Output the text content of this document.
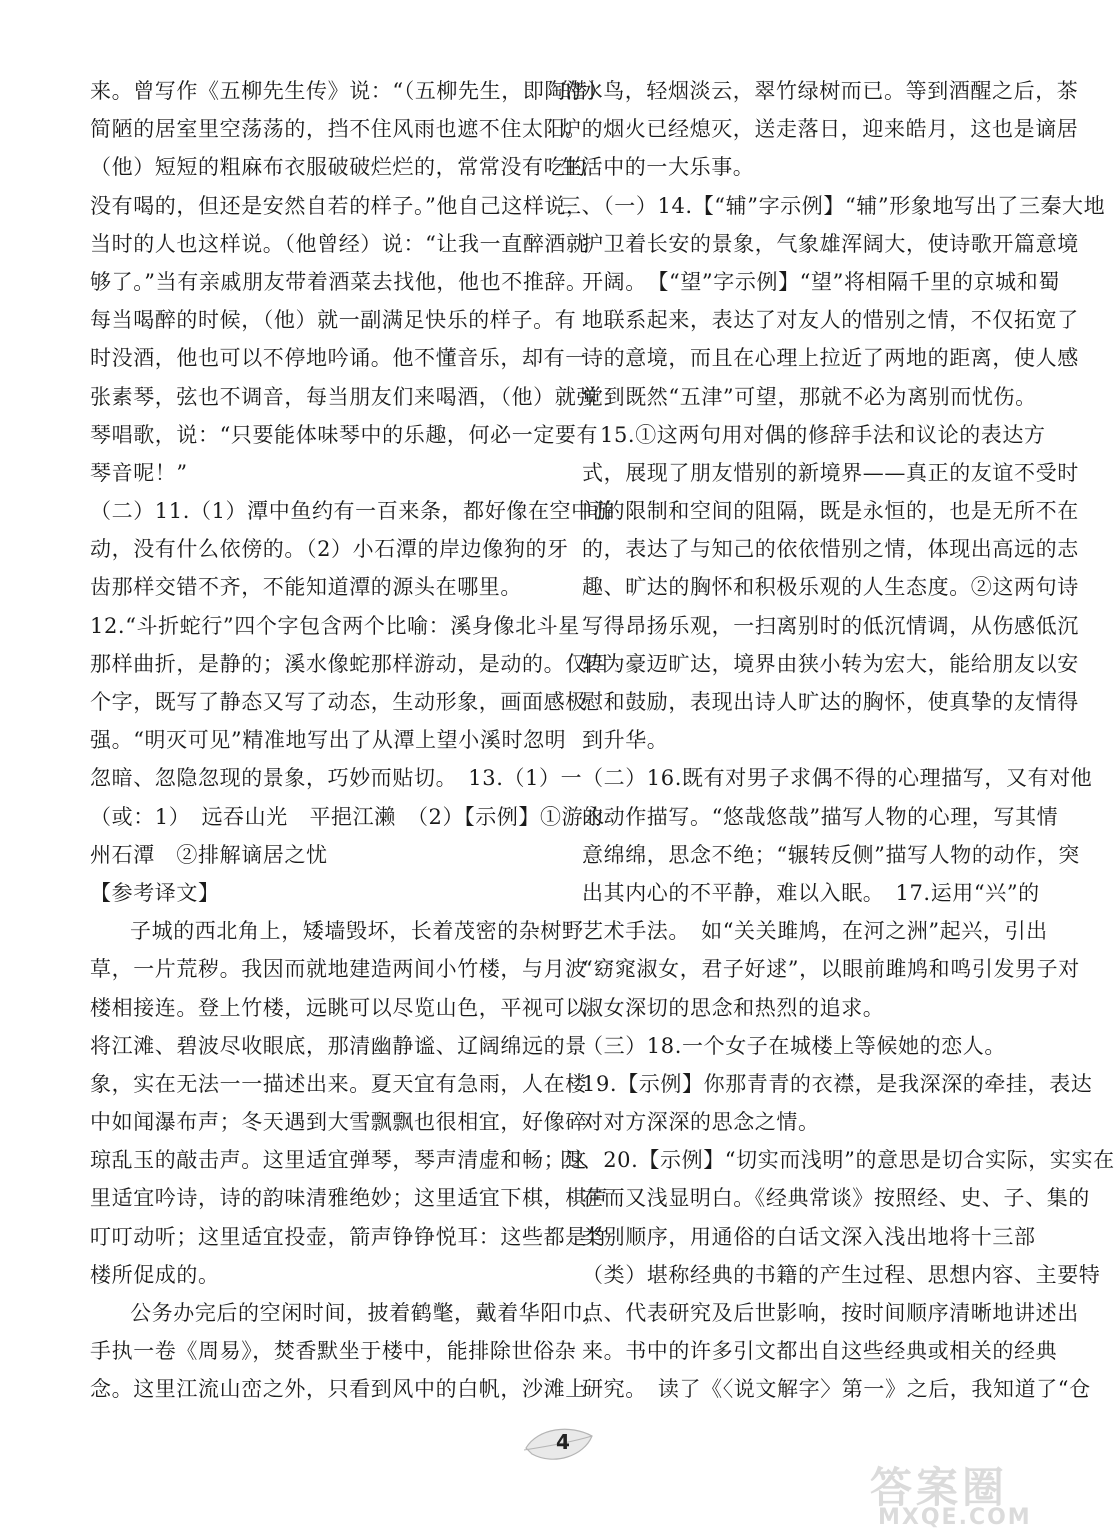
来。曾写作《五柳先生传》说：“（五柳先生，即陶潜）
简陋的居室里空荡荡的，挡不住风雨也遮不住太阳。
（他）短短的粗麻布衣服破破烂烂的，常常没有吃的
没有喝的，但还是安然自若的样子。”他自己这样说，
当时的人也这样说。（他曾经）说：“让我一直醉酒就
够了。”当有亲戚朋友带着酒菜去找他，他也不推辞。
每当喝醉的时候，（他）就一副满足快乐的样子。有
时没酒，他也可以不停地吟诵。他不懂音乐，却有一
张素琴，弦也不调音，每当朋友们来喝酒，（他）就弹
琴唱歌，说：“只要能体味琴中的乐趣，何必一定要有
琴音呢！”
（二）11.（1）潭中鱼约有一百来条，都好像在空中游
动，没有什么依傍的。（2）小石潭的岸边像狗的牙
齿那样交错不齐，不能知道潭的源头在哪里。
12.“斗折蛇行”四个字包含两个比喻：溪身像北斗星
那样曲折，是静的；溪水像蛇那样游动，是动的。仅四
个字，既写了静态又写了动态，生动形象，画面感极
强。“明灭可见”精准地写出了从潭上望小溪时忽明
忽暗、忽隐忽现的景象，巧妙而贴切。　13.（1）一
（或：1）　远吞山光　平挹江濑　（2）【示例】①游永
州石潭　②排解谪居之忧
【参考译文】
子城的西北角上，矮墙毁坏，长着茂密的杂树野
草，一片荒秽。我因而就地建造两间小竹楼，与月波
楼相接连。登上竹楼，远眺可以尽览山色，平视可以
将江滩、碧波尽收眼底，那清幽静谧、辽阔绵远的景
象，实在无法一一描述出来。夏天宜有急雨，人在楼
中如闻瀑布声；冬天遇到大雪飘飘也很相宜，好像碎
琼乱玉的敲击声。这里适宜弹琴，琴声清虚和畅；这
里适宜吟诗，诗的韵味清雅绝妙；这里适宜下棋，棋声
叮叮动听；这里适宜投壶，箭声铮铮悦耳：这些都是竹
楼所促成的。
公务办完后的空闲时间，披着鹤氅，戴着华阳巾，
手执一卷《周易》，焚香默坐于楼中，能排除世俗杂
念。这里江流山峦之外，只看到风中的白帆，沙滩上
的水鸟，轻烟淡云，翠竹绿树而已。等到酒醒之后，茶
炉的烟火已经熄灭，送走落日，迎来皓月，这也是谪居
生活中的一大乐事。
三、（一）14.【“辅”字示例】“辅”形象地写出了三秦大地
护卫着长安的景象，气象雄浑阔大，使诗歌开篇意境
开阔。　【“望”字示例】“望”将相隔千里的京城和蜀
地联系起来，表达了对友人的惜别之情，不仅拓宽了
诗的意境，而且在心理上拉近了两地的距离，使人感
觉到既然“五津”可望，那就不必为离别而忧伤。
15.①这两句用对偶的修辞手法和议论的表达方
式，展现了朋友惜别的新境界——真正的友谊不受时
间的限制和空间的阻隔，既是永恒的，也是无所不在
的，表达了与知己的依依惜别之情，体现出高远的志
趣、旷达的胸怀和积极乐观的人生态度。②这两句诗
写得昂扬乐观，一扫离别时的低沉情调，从伤感低沉
转为豪迈旷达，境界由狭小转为宏大，能给朋友以安
慰和鼓励，表现出诗人旷达的胸怀，使真挚的友情得
到升华。
（二）16.既有对男子求偶不得的心理描写，又有对他
的动作描写。“悠哉悠哉”描写人物的心理，写其情
意绵绵，思念不绝；“辗转反侧”描写人物的动作，突
出其内心的不平静，难以入眠。　17.运用“兴”的
艺术手法。　如“关关雎鸠，在河之洲”起兴，引出
“窈窕淑女，君子好逑”，以眼前雎鸠和鸣引发男子对
淑女深切的思念和热烈的追求。
（三）18.一个女子在城楼上等候她的恋人。
19.【示例】你那青青的衣襟，是我深深的牵挂，表达
对对方深深的思念之情。
四、20.【示例】“切实而浅明”的意思是切合实际，实实在
在而又浅显明白。《经典常谈》按照经、史、子、集的
类别顺序，用通俗的白话文深入浅出地将十三部
（类）堪称经典的书籍的产生过程、思想内容、主要特
点、代表研究及后世影响，按时间顺序清晰地讲述出
来。书中的许多引文都出自这些经典或相关的经典
研究。　读了《〈说文解字〉第一》之后，我知道了“仓
4
答案圈
MXQE.COM
